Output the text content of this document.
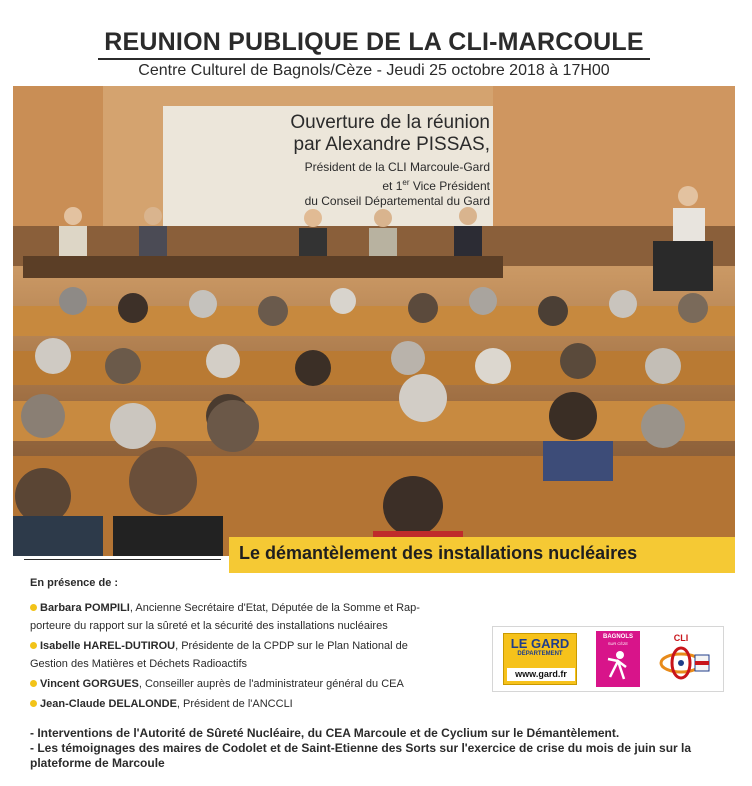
REUNION PUBLIQUE DE LA CLI-MARCOULE
Centre Culturel de Bagnols/Cèze - Jeudi 25 octobre 2018 à 17H00
Ouverture de la réunion
par Alexandre PISSAS,
Président de la CLI Marcoule-Gard
et 1er Vice Président
du Conseil Départemental du Gard
Le démantèlement des installations nucléaires
En présence de :
Barbara POMPILI, Ancienne Secrétaire d'Etat, Députée de la Somme et Rap-
porteure du rapport sur la sûreté et la sécurité des installations nucléaires
Isabelle HAREL-DUTIROU, Présidente de la CPDP sur le Plan National de
Gestion des Matières et Déchets Radioactifs
Vincent GORGUES, Conseiller auprès de l'administrateur général du CEA
Jean-Claude DELALONDE, Président de l'ANCCLI
LE GARD
DÉPARTEMENT
www.gard.fr
BAGNOLS
SUR CÈZE
CLI
- Interventions de l'Autorité de Sûreté Nucléaire, du CEA Marcoule et de Cyclium sur le Démantèlement.
- Les témoignages des maires de Codolet et de Saint-Etienne des Sorts sur l'exercice de crise du mois de juin sur la
plateforme de Marcoule
